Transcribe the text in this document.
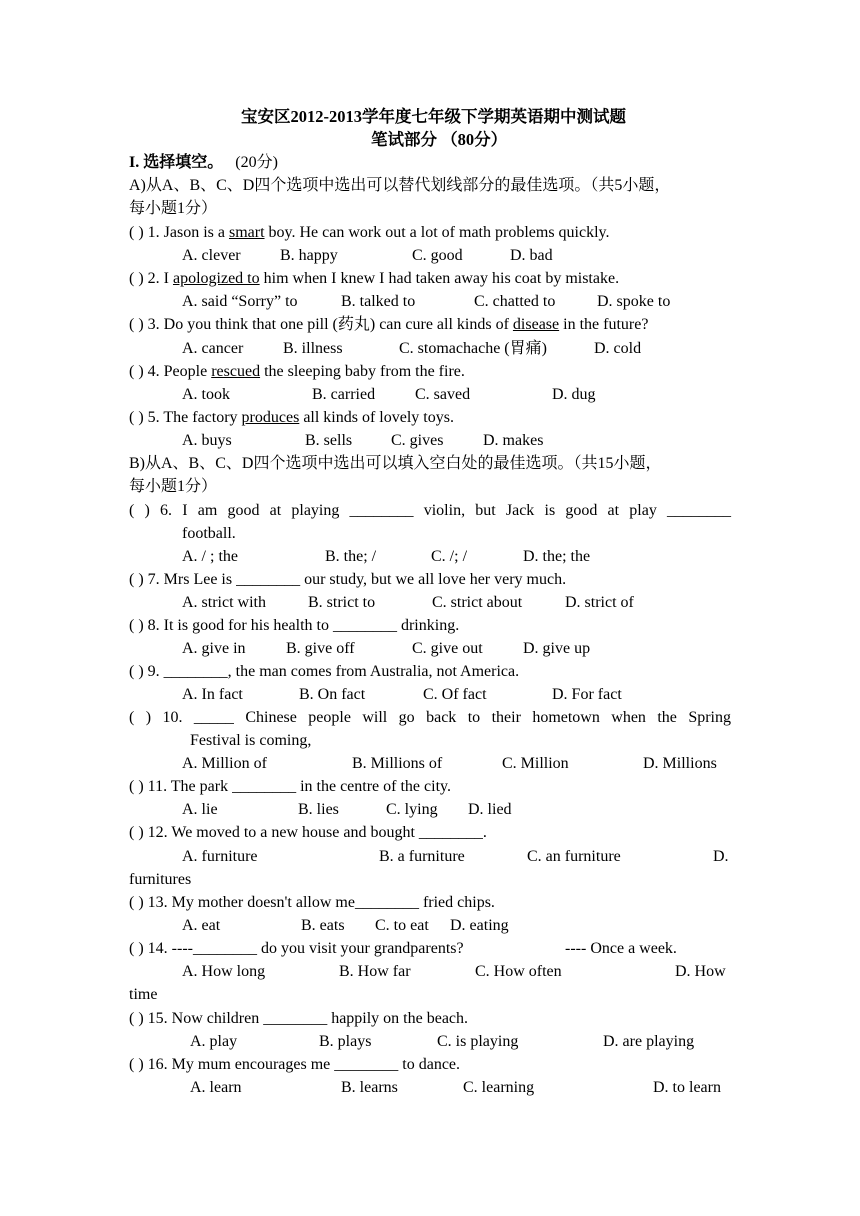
宝安区2012-2013学年度七年级下学期英语期中测试题
笔试部分 （80分）
I. 选择填空。 (20分)
A)从A、B、C、D四个选项中选出可以替代划线部分的最佳选项。（共5小题，
每小题1分）
( ) 1. Jason is a smart boy. He can work out a lot of math problems quickly.
A. clever B. happy	C. good	D. bad
( ) 2. I apologized to him when I knew I had taken away his coat by mistake.
A. said “Sorry” to	B. talked to	C. chatted to	D. spoke to
( ) 3. Do you think that one pill (药丸) can cure all kinds of disease in the future?
A. cancer B. illness	C. stomachache (胃痛)	D. cold
( ) 4. People rescued the sleeping baby from the fire.
A. took	B. carried C. saved	D. dug
( ) 5. The factory produces all kinds of lovely toys.
A. buys	B. sells C. gives D. makes
B)从A、B、C、D四个选项中选出可以填入空白处的最佳选项。（共15小题，
每小题1分）
( ) 6. I am good at playing ________ violin, but Jack is good at play ________
football.
A. / ; the	B. the; /	C. /; /	D. the; the
( ) 7. Mrs Lee is ________ our study, but we all love her very much.
A. strict with	B. strict to	C. strict about	D. strict of
( ) 8. It is good for his health to ________ drinking.
A. give in	B. give off	C. give out	D. give up
( ) 9. ________, the man comes from Australia, not America.
A. In fact	B. On fact	C. Of fact	D. For fact
( ) 10. _____ Chinese people will go back to their hometown when the Spring
Festival is coming,
A. Million of	B. Millions of	C. Million	D. Millions
( ) 11. The park ________ in the centre of the city.
A. lie	B. lies	C. lying D. lied
( ) 12. We moved to a new house and bought ________.
A. furniture	B. a furniture	C. an furniture	D.
furnitures
( ) 13. My mother doesn't allow me________ fried chips.
A. eat	B. eats C. to eat D. eating
( ) 14. ----________ do you visit your grandparents?	---- Once a week.
A. How long	B. How far	C. How often	D. How
time
( ) 15. Now children ________ happily on the beach.
A. play	B. plays	C. is playing	D. are playing
( ) 16. My mum encourages me ________ to dance.
A. learn	B. learns	C. learning	D. to learn
